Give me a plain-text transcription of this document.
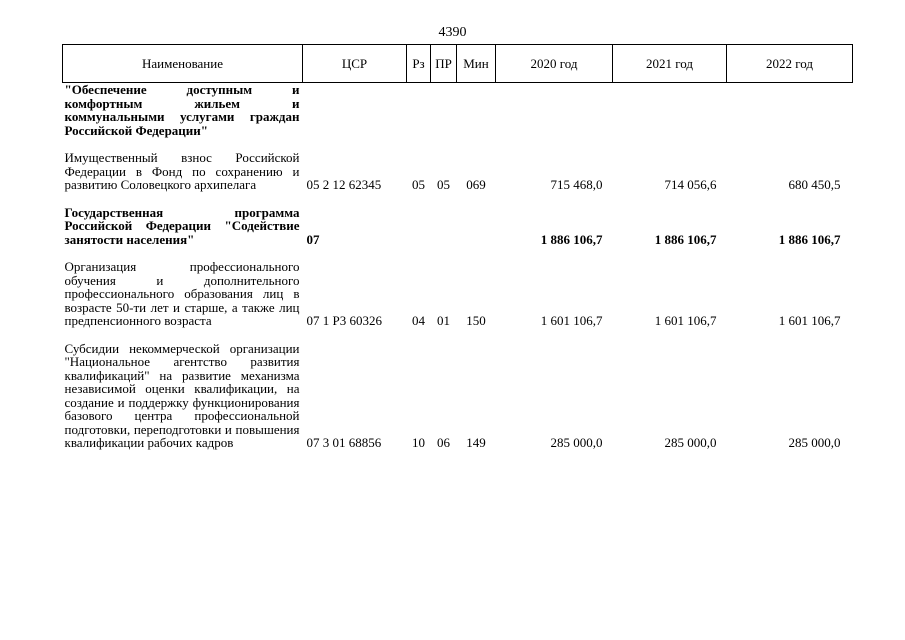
4390
Наименование	ЦСР	Рз	ПР	Мин	2020 год	2021 год	2022 год
"Обеспечение доступным и комфортным жильем и коммунальными услугами граждан Российской Федерации"							
Имущественный взнос Российской Федерации в Фонд по сохранению и развитию Соловецкого архипелага	05 2 12 62345	05	05	069	715 468,0	714 056,6	680 450,5
Государственная программа Российской Федерации "Содействие занятости населения"	07				1 886 106,7	1 886 106,7	1 886 106,7
Организация профессионального обучения и дополнительного профессионального образования лиц в возрасте 50-ти лет и старше, а также лиц предпенсионного возраста	07 1 P3 60326	04	01	150	1 601 106,7	1 601 106,7	1 601 106,7
Субсидии некоммерческой организации "Национальное агентство развития квалификаций" на развитие механизма независимой оценки квалификации, на создание и поддержку функционирования базового центра профессиональной подготовки, переподготовки и повышения квалификации рабочих кадров	07 3 01 68856	10	06	149	285 000,0	285 000,0	285 000,0
